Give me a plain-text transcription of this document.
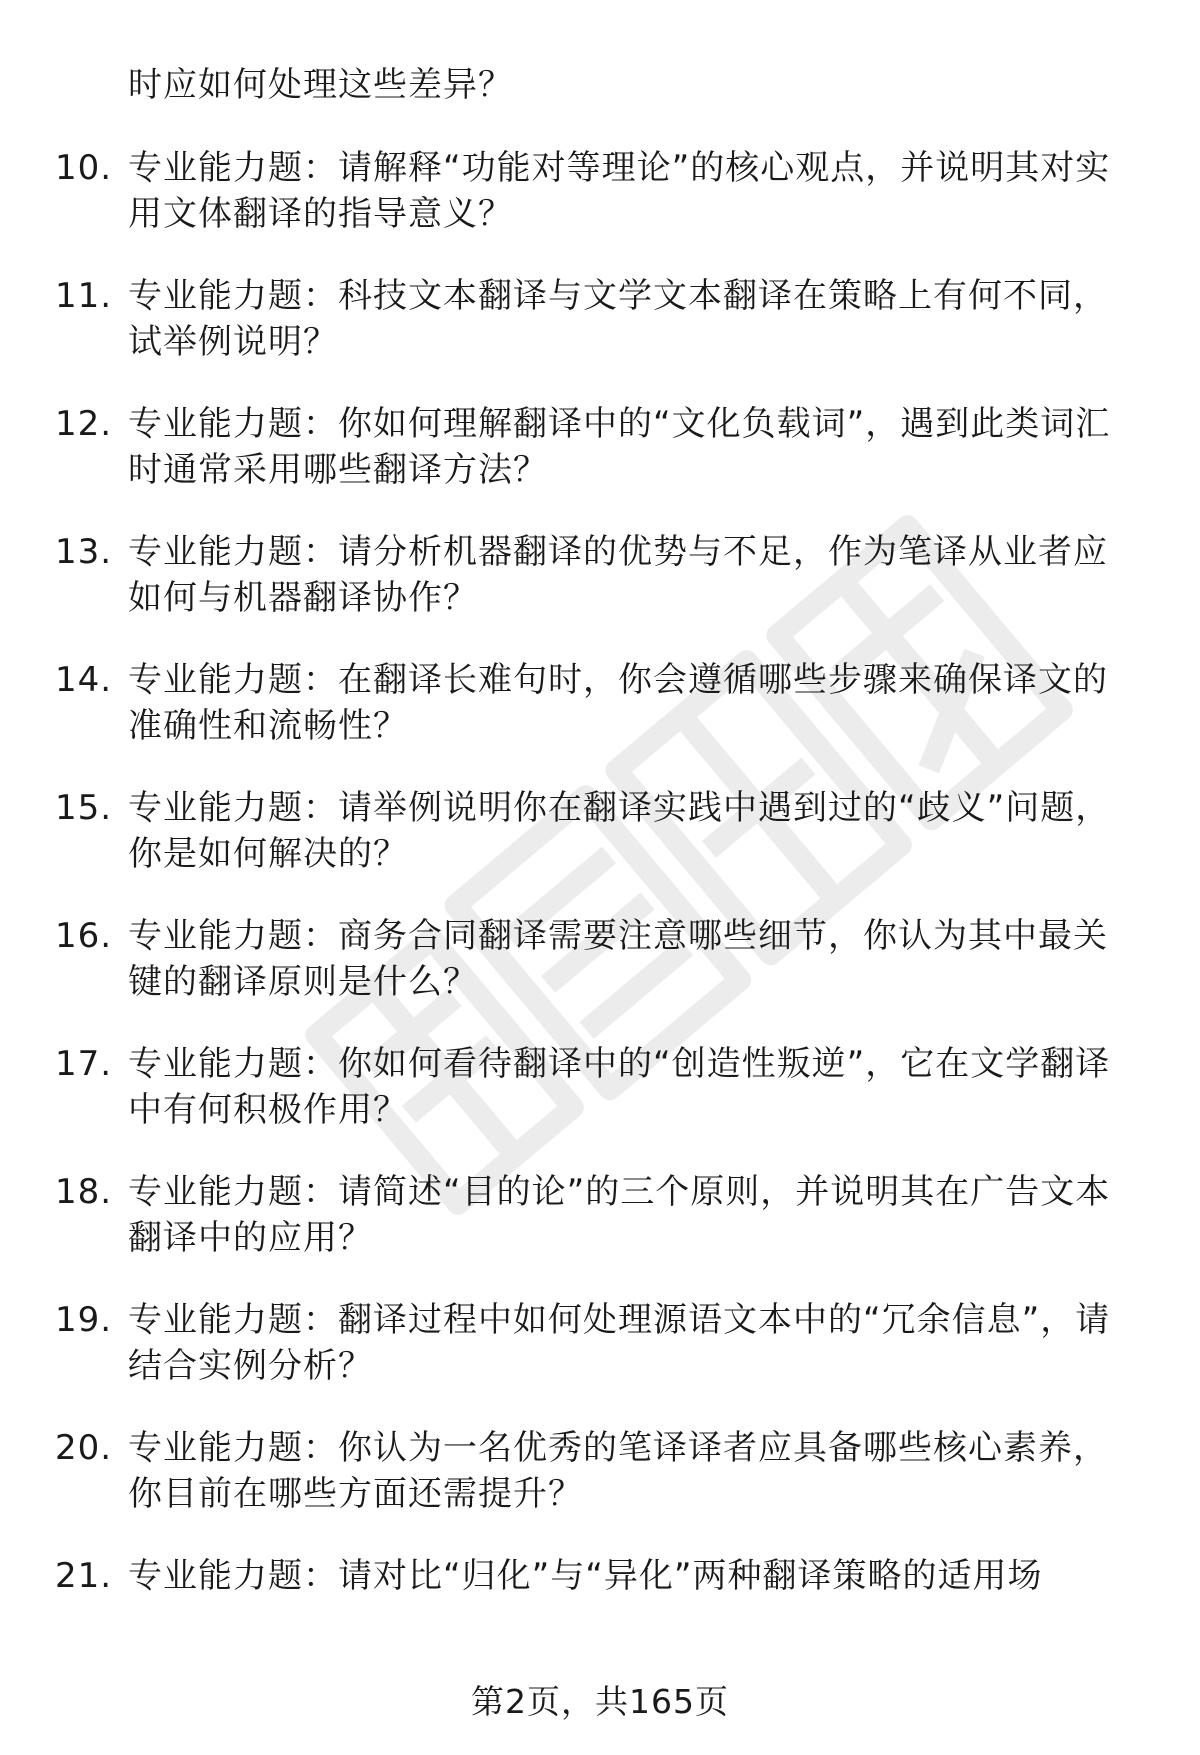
时应如何处理这些差异？
10. 专业能力题：请解释“功能对等理论”的核心观点，并说明其对实用文体翻译的指导意义？
11. 专业能力题：科技文本翻译与文学文本翻译在策略上有何不同，试举例说明？
12. 专业能力题：你如何理解翻译中的“文化负载词”，遇到此类词汇时通常采用哪些翻译方法？
13. 专业能力题：请分析机器翻译的优势与不足，作为笔译从业者应如何与机器翻译协作？
14. 专业能力题：在翻译长难句时，你会遵循哪些步骤来确保译文的准确性和流畅性？
15. 专业能力题：请举例说明你在翻译实践中遇到过的“歧义”问题，你是如何解决的？
16. 专业能力题：商务合同翻译需要注意哪些细节，你认为其中最关键的翻译原则是什么？
17. 专业能力题：你如何看待翻译中的“创造性叛逆”，它在文学翻译中有何积极作用？
18. 专业能力题：请简述“目的论”的三个原则，并说明其在广告文本翻译中的应用？
19. 专业能力题：翻译过程中如何处理源语文本中的“冗余信息”，请结合实例分析？
20. 专业能力题：你认为一名优秀的笔译译者应具备哪些核心素养，你目前在哪些方面还需提升？
21. 专业能力题：请对比“归化”与“异化”两种翻译策略的适用场
第2页，共165页
